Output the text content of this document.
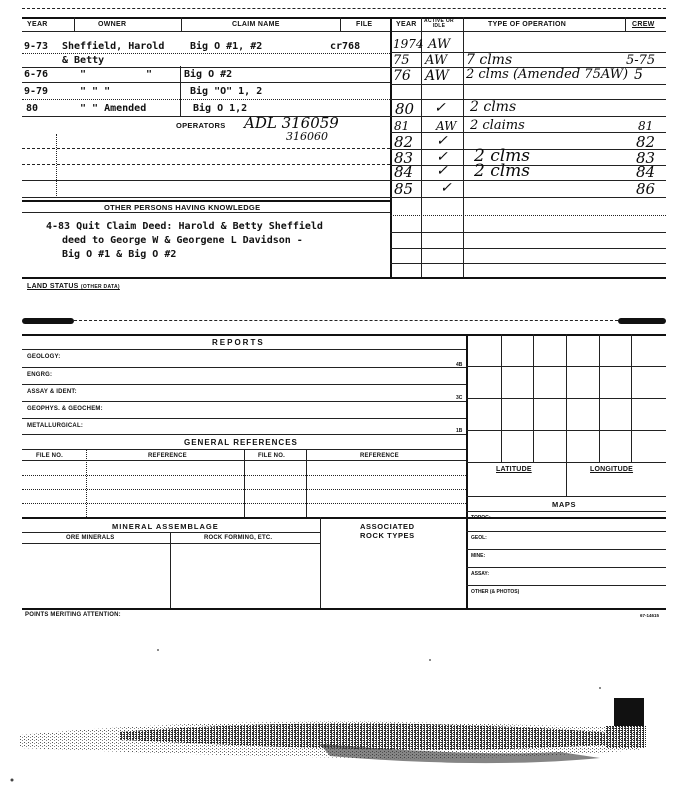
YEAR	OWNER	CLAIM NAME	FILE	YEAR	ACTIVE OR IDLE	TYPE OF OPERATION	CREW
9-73 Sheffield, Harold	Big O #1, #2	cr768
& Betty
6-76	"	"	Big O #2
9-79	" " "	Big "O" 1, 2
80	" " Amended	Big O 1,2
OPERATORS ADL 316059
316060
OTHER PERSONS HAVING KNOWLEDGE
4-83 Quit Claim Deed: Harold & Betty Sheffield
deed to George W & Georgene L Davidson -
Big O #1 & Big O #2
1974 AW
75 AW 7 clms	5-75
76 AW 2 clms (Amended 75AW) 5
80 ✓ 2 clms
81 AW 2 claims	81
82 ✓	82
83 ✓ 2 clms	83
84 ✓ 2 clms	84
85 ✓	86
LAND STATUS (OTHER DATA)
REPORTS
GEOLOGY:
4B
ENGRG:
ASSAY & IDENT:
3C
GEOPHYS. & GEOCHEM:
METALLURGICAL:
1B
GENERAL REFERENCES
FILE NO.	REFERENCE	FILE NO.	REFERENCE
LATITUDE	LONGITUDE
MAPS
TOPOG:
GEOL:
MINE:
ASSAY:
OTHER (& PHOTOS)
MINERAL ASSEMBLAGE
ORE MINERALS	ROCK FORMING, ETC.
ASSOCIATED
ROCK TYPES
POINTS MERITING ATTENTION:	67-14615
